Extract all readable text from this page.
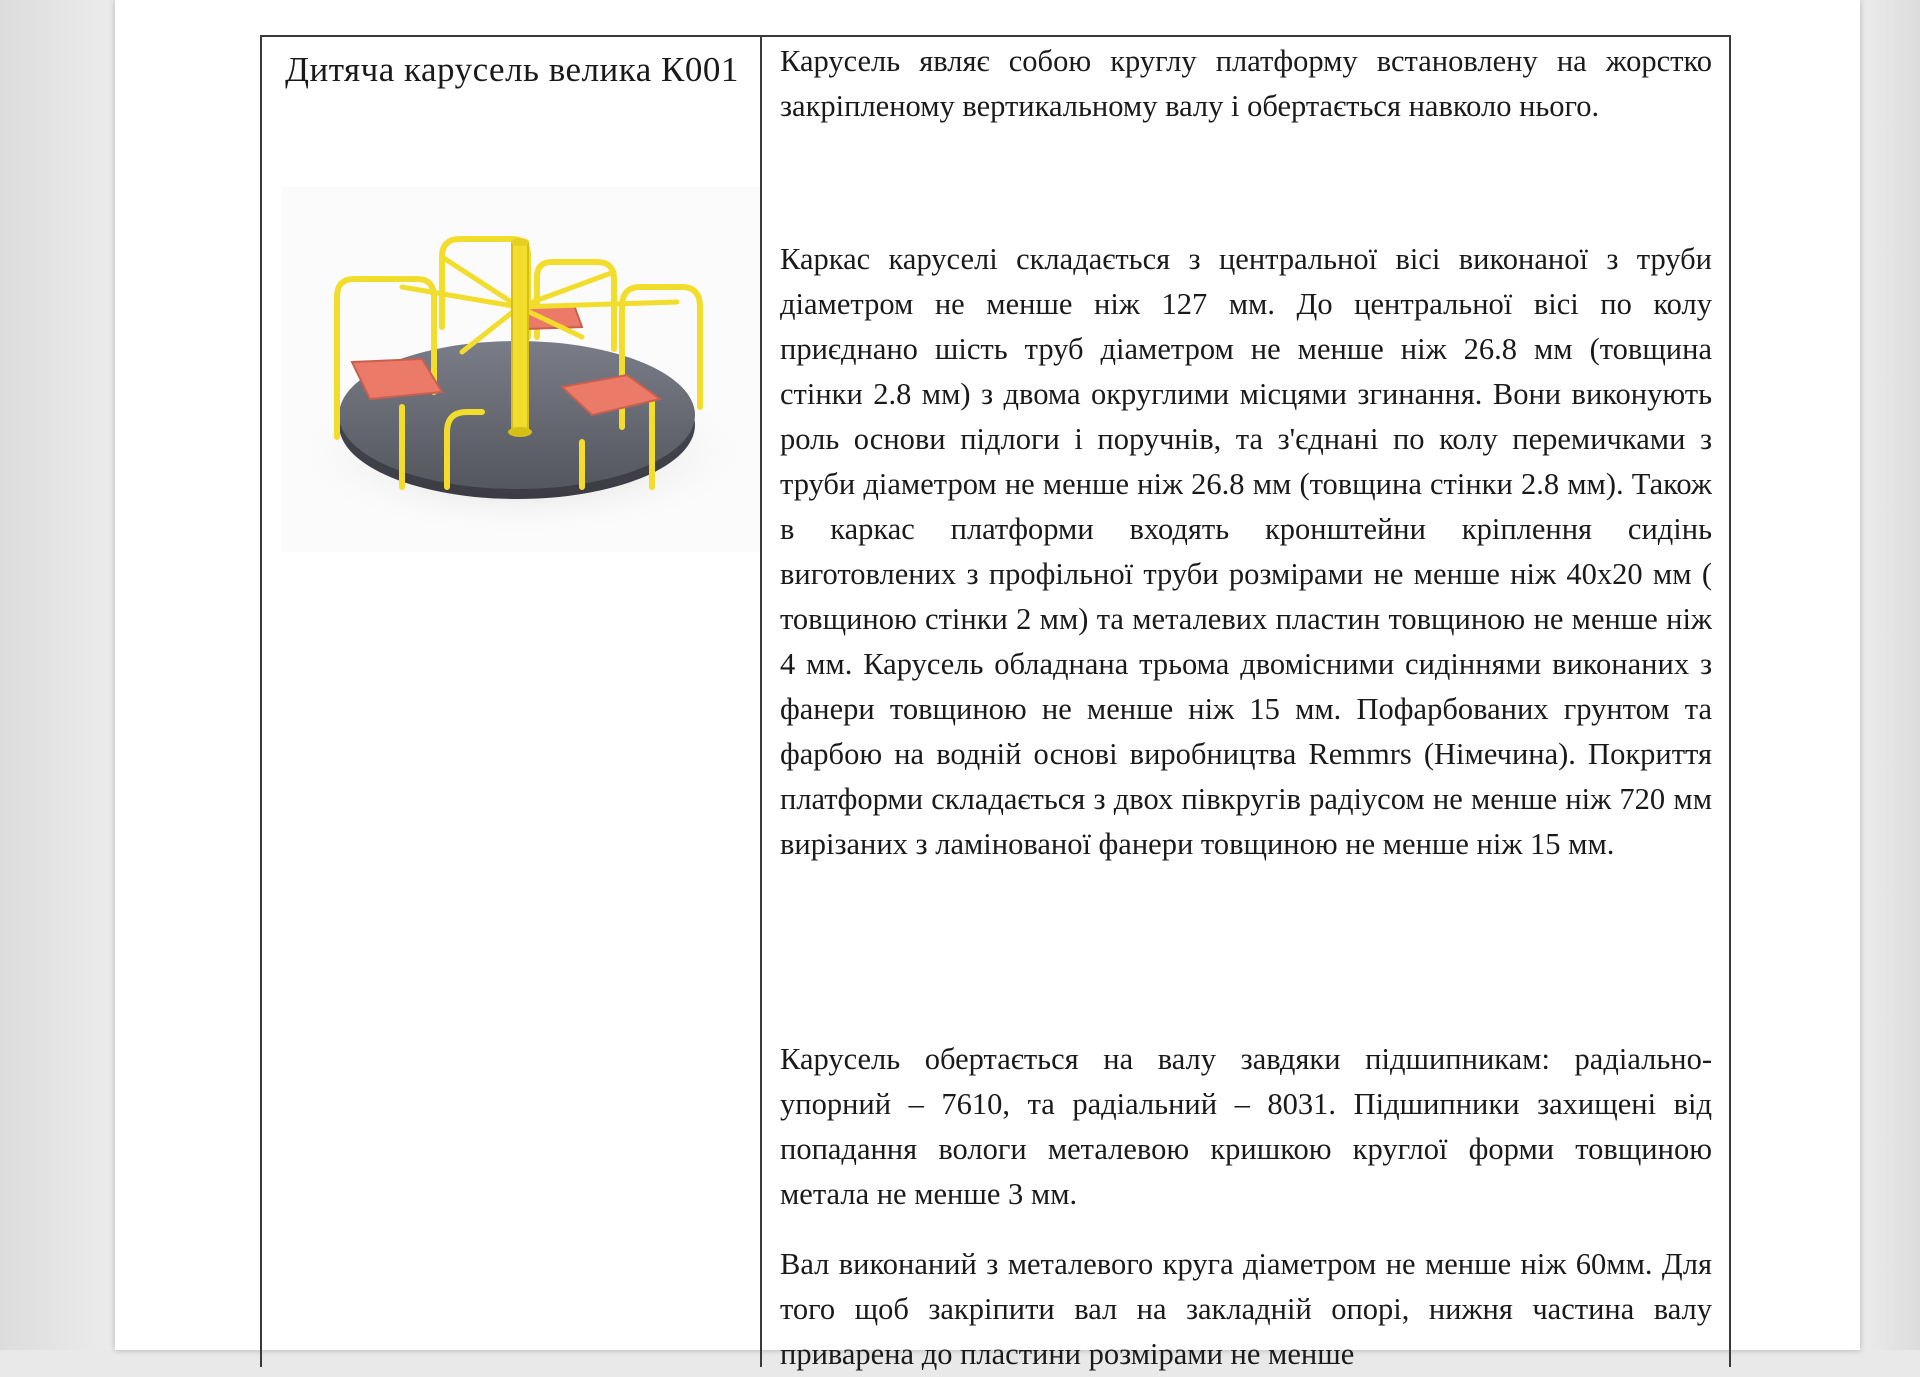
Дитяча карусель велика К001	Карусель являє собою круглу платформу встановлену на жорстко закріпленому вертикальному валу і обертається навколо нього.

Каркас каруселі складається з центральної вісі виконаної з труби діаметром не менше ніж 127 мм. До центральної вісі по колу приєднано шість труб діаметром не менше ніж 26.8 мм (товщина стінки 2.8 мм) з двома округлими місцями згинання. Вони виконують роль основи підлоги і поручнів, та з'єднані по колу перемичками з труби діаметром не менше ніж 26.8 мм (товщина стінки 2.8 мм). Також в каркас платформи входять кронштейни кріплення сидінь виготовлених з профільної труби розмірами не менше ніж 40х20 мм ( товщиною стінки 2 мм) та металевих пластин товщиною не менше ніж 4 мм. Карусель обладнана трьома двомісними сидіннями виконаних з фанери товщиною не менше ніж 15 мм. Пофарбованих грунтом та фарбою на водній основі виробництва Remmrs (Німечина). Покриття платформи складається з двох півкругів радіусом не менше ніж 720 мм вирізаних з ламінованої фанери товщиною не менше ніж 15 мм.

Карусель обертається на валу завдяки підшипникам: радіально-упорний – 7610, та радіальний – 8031. Підшипники захищені від попадання вологи металевою кришкою круглої форми товщиною метала не менше 3 мм.

Вал виконаний з металевого круга діаметром не менше ніж 60мм. Для того щоб закріпити вал на закладній опорі, нижня частина валу приварена до пластини розмірами не менше
